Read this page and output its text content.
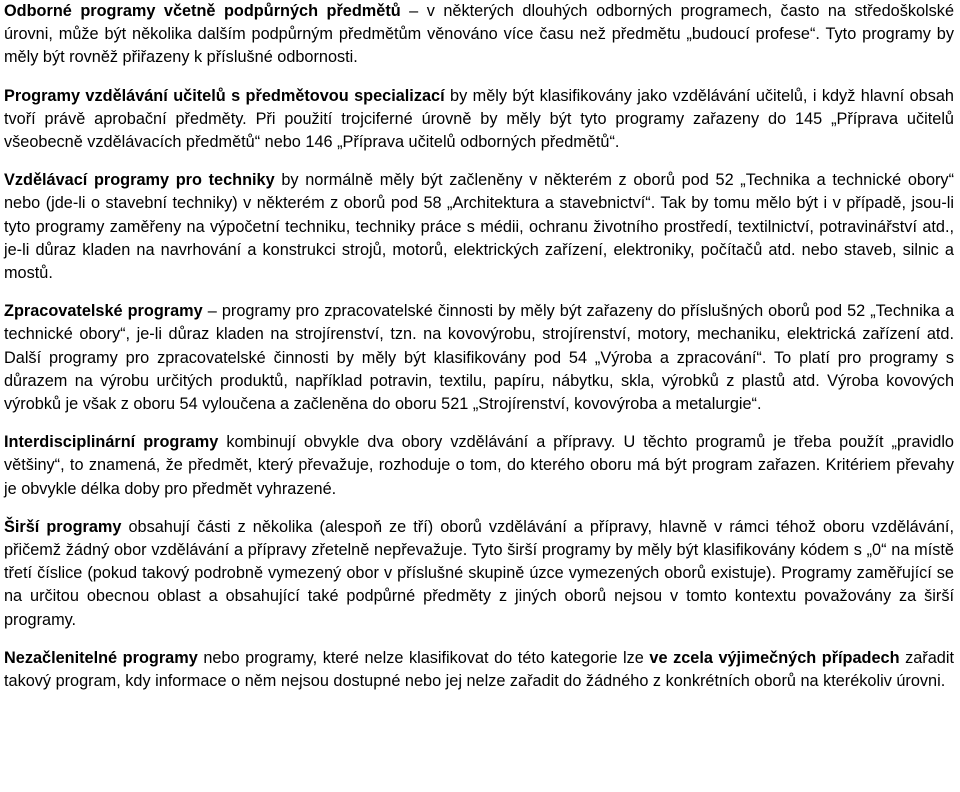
Odborné programy včetně podpůrných předmětů – v některých dlouhých odborných programech, často na středoškolské úrovni, může být několika dalším podpůrným předmětům věnováno více času než předmětu „budoucí profese“. Tyto programy by měly být rovněž přiřazeny k příslušné odbornosti.

Programy vzdělávání učitelů s předmětovou specializací by měly být klasifikovány jako vzdělávání učitelů, i když hlavní obsah tvoří právě aprobační předměty. Při použití trojciferné úrovně by měly být tyto programy zařazeny do 145 „Příprava učitelů všeobecně vzdělávacích předmětů“ nebo 146 „Příprava učitelů odborných předmětů“.

Vzdělávací programy pro techniky by normálně měly být začleněny v některém z oborů pod 52 „Technika a technické obory“ nebo (jde-li o stavební techniky) v některém z oborů pod 58 „Architektura a stavebnictví“. Tak by tomu mělo být i v případě, jsou-li tyto programy zaměřeny na výpočetní techniku, techniky práce s médii, ochranu životního prostředí, textilnictví, potravinářství atd., je-li důraz kladen na navrhování a konstrukci strojů, motorů, elektrických zařízení, elektroniky, počítačů atd. nebo staveb, silnic a mostů.

Zpracovatelské programy – programy pro zpracovatelské činnosti by měly být zařazeny do příslušných oborů pod 52 „Technika a technické obory“, je-li důraz kladen na strojírenství, tzn. na kovovýrobu, strojírenství, motory, mechaniku, elektrická zařízení atd. Další programy pro zpracovatelské činnosti by měly být klasifikovány pod 54 „Výroba a zpracování“. To platí pro programy s důrazem na výrobu určitých produktů, například potravin, textilu, papíru, nábytku, skla, výrobků z plastů atd. Výroba kovových výrobků je však z oboru 54 vyloučena a začleněna do oboru 521 „Strojírenství, kovovýroba a metalurgie“.

Interdisciplinární programy kombinují obvykle dva obory vzdělávání a přípravy. U těchto programů je třeba použít „pravidlo většiny“, to znamená, že předmět, který převažuje, rozhoduje o tom, do kterého oboru má být program zařazen. Kritériem převahy je obvykle délka doby pro předmět vyhrazené.

Širší programy obsahují části z několika (alespoň ze tří) oborů vzdělávání a přípravy, hlavně v rámci téhož oboru vzdělávání, přičemž žádný obor vzdělávání a přípravy zřetelně nepřevažuje. Tyto širší programy by měly být klasifikovány kódem s „0“ na místě třetí číslice (pokud takový podrobně vymezený obor v příslušné skupině úzce vymezených oborů existuje). Programy zaměřující se na určitou obecnou oblast a obsahující také podpůrné předměty z jiných oborů nejsou v tomto kontextu považovány za širší programy.

Nezačlenitelné programy nebo programy, které nelze klasifikovat do této kategorie lze ve zcela výjimečných případech zařadit takový program, kdy informace o něm nejsou dostupné nebo jej nelze zařadit do žádného z konkrétních oborů na kterékoliv úrovni.
